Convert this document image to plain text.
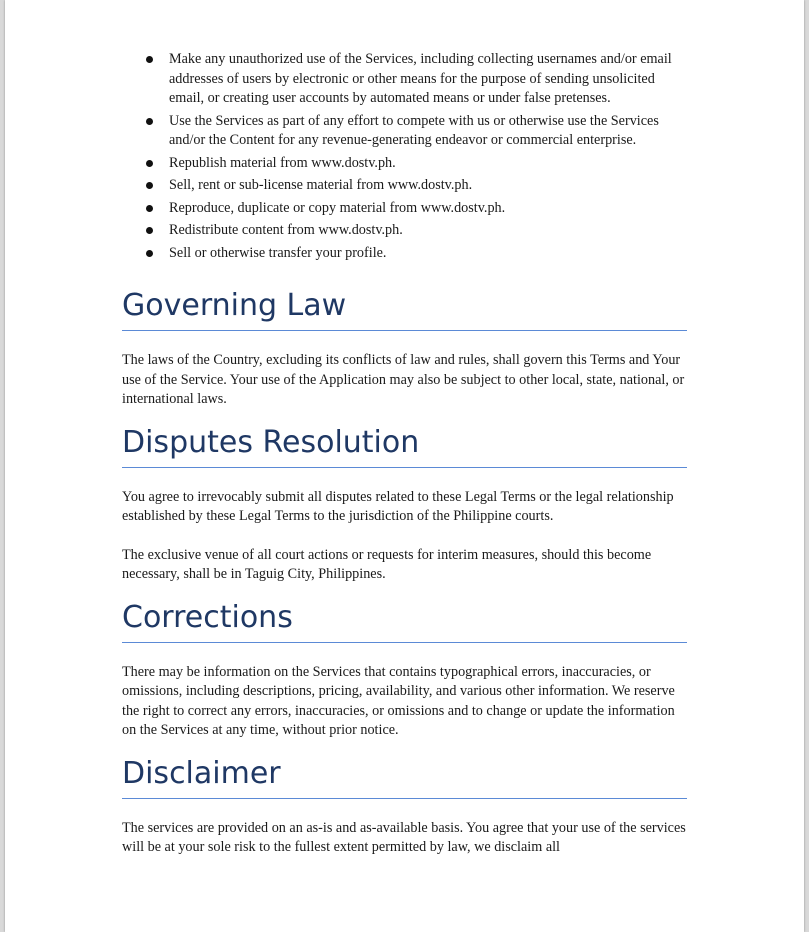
Make any unauthorized use of the Services, including collecting usernames and/or email addresses of users by electronic or other means for the purpose of sending unsolicited email, or creating user accounts by automated means or under false pretenses.
Use the Services as part of any effort to compete with us or otherwise use the Services and/or the Content for any revenue-generating endeavor or commercial enterprise.
Republish material from www.dostv.ph.
Sell, rent or sub-license material from www.dostv.ph.
Reproduce, duplicate or copy material from www.dostv.ph.
Redistribute content from www.dostv.ph.
Sell or otherwise transfer your profile.
Governing Law

The laws of the Country, excluding its conflicts of law and rules, shall govern this Terms and Your use of the Service. Your use of the Application may also be subject to other local, state, national, or international laws.

Disputes Resolution

You agree to irrevocably submit all disputes related to these Legal Terms or the legal relationship established by these Legal Terms to the jurisdiction of the Philippine courts.

The exclusive venue of all court actions or requests for interim measures, should this become necessary, shall be in Taguig City, Philippines.

Corrections

There may be information on the Services that contains typographical errors, inaccuracies, or omissions, including descriptions, pricing, availability, and various other information. We reserve the right to correct any errors, inaccuracies, or omissions and to change or update the information on the Services at any time, without prior notice.

Disclaimer

The services are provided on an as-is and as-available basis. You agree that your use of the services will be at your sole risk to the fullest extent permitted by law, we disclaim all
